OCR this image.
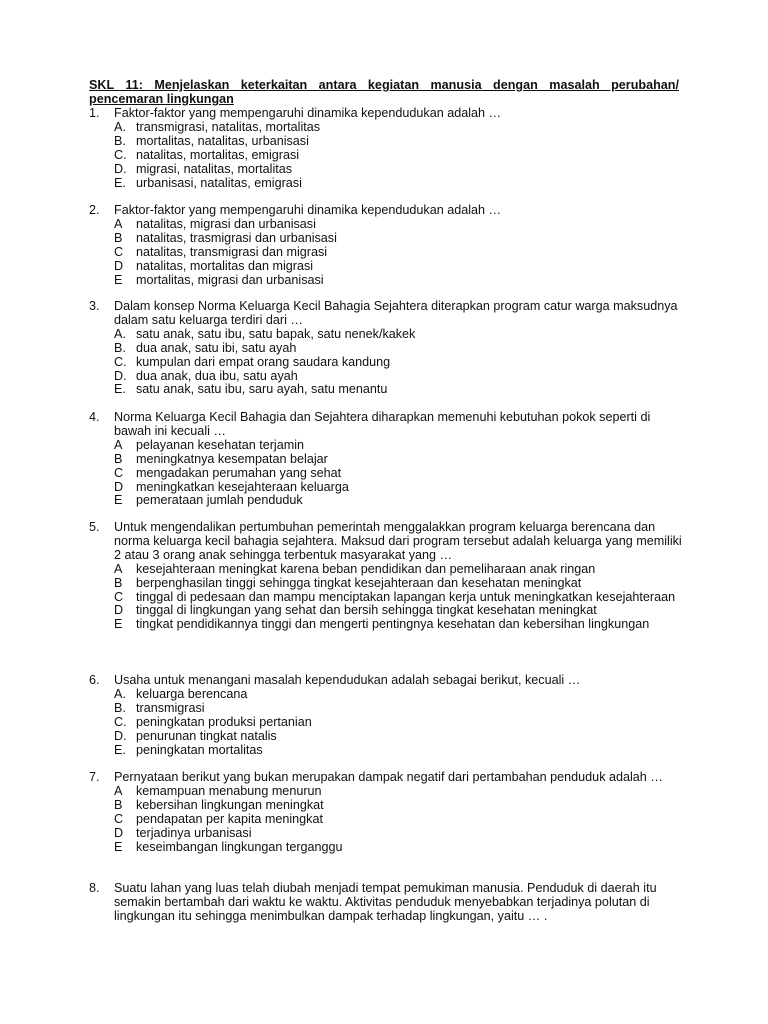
SKL 11: Menjelaskan keterkaitan antara kegiatan manusia dengan masalah perubahan/ pencemaran lingkungan
1.	Faktor-faktor yang mempengaruhi dinamika kependudukan adalah …
A. transmigrasi, natalitas, mortalitas
B. mortalitas, natalitas, urbanisasi
C. natalitas, mortalitas, emigrasi
D. migrasi, natalitas, mortalitas
E. urbanisasi, natalitas, emigrasi
2.	Faktor-faktor yang mempengaruhi dinamika kependudukan adalah …
A	natalitas, migrasi dan urbanisasi
B	natalitas, trasmigrasi dan urbanisasi
C	natalitas, transmigrasi dan migrasi
D	natalitas, mortalitas dan migrasi
E	mortalitas, migrasi dan urbanisasi
3.	Dalam konsep Norma Keluarga Kecil Bahagia Sejahtera diterapkan program catur warga maksudnya dalam satu keluarga terdiri dari …
A. satu anak, satu ibu, satu bapak, satu nenek/kakek
B. dua anak, satu ibi, satu ayah
C. kumpulan dari empat orang saudara kandung
D. dua anak, dua ibu, satu ayah
E. satu anak, satu ibu, saru ayah, satu menantu
4.	Norma Keluarga Kecil Bahagia dan Sejahtera diharapkan memenuhi kebutuhan pokok seperti di bawah ini kecuali …
A	pelayanan kesehatan terjamin
B	meningkatnya kesempatan belajar
C	mengadakan perumahan yang sehat
D	meningkatkan kesejahteraan keluarga
E	pemerataan jumlah penduduk
5.	Untuk mengendalikan pertumbuhan pemerintah menggalakkan program keluarga berencana dan norma keluarga kecil bahagia sejahtera. Maksud dari program tersebut adalah keluarga yang memiliki 2 atau 3 orang anak sehingga terbentuk masyarakat yang …
A	kesejahteraan meningkat karena beban pendidikan dan pemeliharaan anak ringan
B	berpenghasilan tinggi sehingga tingkat kesejahteraan dan kesehatan meningkat
C	tinggal di pedesaan dan mampu menciptakan lapangan kerja untuk meningkatkan kesejahteraan
D	tinggal di lingkungan yang sehat dan bersih sehingga tingkat kesehatan meningkat
E	tingkat pendidikannya tinggi dan mengerti pentingnya kesehatan dan kebersihan lingkungan
6.	Usaha untuk menangani masalah kependudukan adalah sebagai berikut, kecuali …
A. keluarga berencana
B. transmigrasi
C. peningkatan produksi pertanian
D. penurunan tingkat natalis
E. peningkatan mortalitas
7.	Pernyataan berikut yang bukan merupakan dampak negatif dari pertambahan penduduk adalah …
A	kemampuan menabung menurun
B	kebersihan lingkungan meningkat
C	pendapatan per kapita meningkat
D	terjadinya urbanisasi
E	keseimbangan lingkungan terganggu
8.	Suatu lahan yang luas telah diubah menjadi tempat pemukiman manusia. Penduduk di daerah itu semakin bertambah dari waktu ke waktu. Aktivitas penduduk menyebabkan terjadinya polutan di lingkungan itu sehingga menimbulkan dampak terhadap lingkungan, yaitu … .
